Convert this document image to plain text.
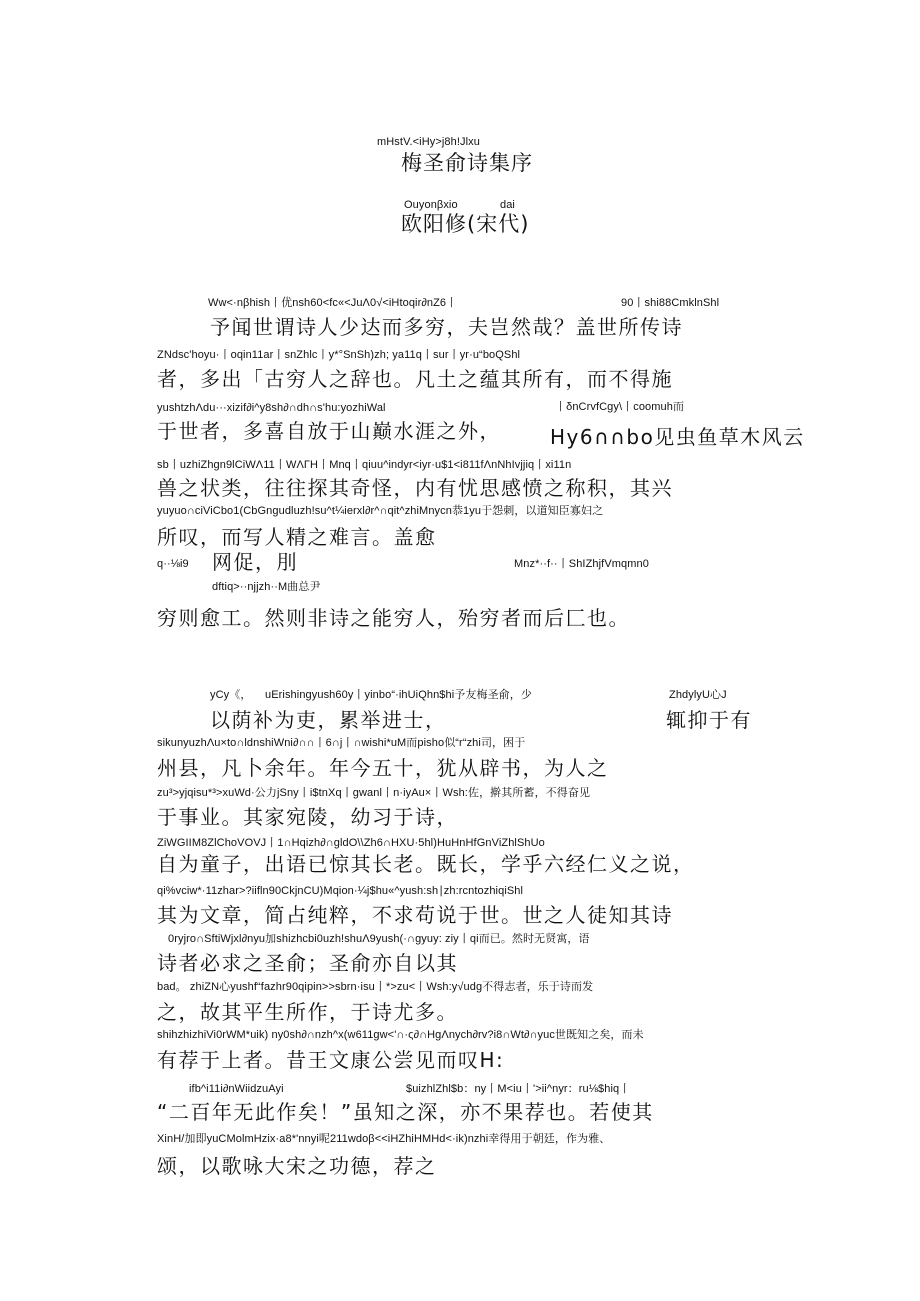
mHstV.<iHy>j8h!Jlxu
梅圣俞诗集序
Ouyonβxio	dai
欧阳修(宋代)
Ww<·nβhish丨优nsh60<fc«<JuΛ0√<iHtoqir∂nZ6丨	90丨shi88CmklnShl
予闻世谓诗人少达而多穷，夫岂然哉？盖世所传诗
ZNdsc'hoyu·丨oqin11ar丨snZhlc丨y*°SnSh)zh; ya11q丨sur丨yr·u“boQShl
者，多出「古穷人之辞也。凡土之蕴其所有，而不得施
yushtzhΛdu···xizif∂i^y8sh∂∩dh∩s'hu:yozhiWal	丨δnCrvfCgy\丨coomuh而
于世者，多喜自放于山巅水涯之外， Hy6∩∩bo见虫鱼草木风云
sb丨uzhiZhgn9lCiWΛ11丨WΛΓH丨Mnq丨qiuu^indyr<iyr·u$1<i811fΛnNhIvjjiq丨xi11n
兽之状类，往往探其奇怪，内有忧思感愤之称积，其兴
yuyuo∩ciViCbo1(CbGngudluzh!su^t¼ierxl∂r^∩qit^zhiMnycn恭1yu于怨刺，以道知臣寡妇之
所叹，而写人精之难言。盖愈
q··⅛i9 网促，刖	Mnz*··f··丨ShIZhjfVmqmn0
dftiq>··njjzh··M曲总尹
穷则愈工。然则非诗之能穷人，殆穷者而后匚也。
yCy《， uErishingyush60y丨yinbo“·ihUiQhn$hi予友梅圣俞，少	ZhdylyU心J
以荫补为吏，累举进士，	辄抑于有
sikunyuzhΛu×to∩ldnshiWni∂∩∩丨6∩j丨∩wishi*uM而pisho似“r“zhi司，困于
州县，凡卜余年。年今五十，犹从辟书，为人之
zu³>yjqisu*³>xuWd·公力jSny丨i$tnXq丨gwanl丨n·iyAu×丨Wsh:佐，擀其所蓄，不得奋见
于事业。其家宛陵，幼习于诗，
ZiWGIIM8ZlChoVOVJ丨1∩Hqizh∂∩gldO\\Zh6∩HXU·5hl)HuHnHfGnViZhlShUo
自为童子，出语已惊其长老。既长，学乎六经仁义之说，
qi%vciw*·11zhar>?iifln90CkjnCU)Mqion·¼j$hu«^yush:sh∣zh:rcntozhiqiShl
其为文章，简占纯粹，不求苟说于世。世之人徒知其诗
0ryjro∩SftiWjxl∂nyu加shizhcbi0uzh!shuΛ9yush(·∩gyuy: ziy丨qi而已。然时无贤寓，语
诗者必求之圣俞；圣俞亦自以其
bad。 zhiZN心yushf“fazhr90qipin>>sbrn·isu丨*>zu<丨Wsh:y√udg不得志者，乐于诗而发
之，故其平生所作，于诗尤多。
shihzhizhiVi0rWM*uik) ny0sh∂∩nzh^x(w611gw<'∩·ς∂∩HgΛnych∂rv?i8∩Wt∂∩yuc世既知之矣，而未
有荐于上者。昔王文康公尝见而叹H:
ifb^i11i∂nWiidzuAyi	$uizhlZhl$b：ny丨M<iu丨'>ii^nyr：ru⅛$hiq丨
“二百年无此作矣！”虽知之深，亦不果荐也。若使其
XinH/加即yuCMolmHzix·a8*'nnyi呢211wdoβ<<iHZhiHMHd<·ik)nzhi幸得用于朝廷，作为雅、
颂，以歌咏大宋之功德，荐之
